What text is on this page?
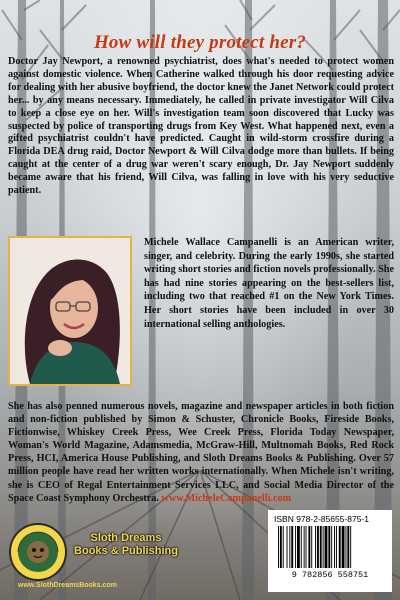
How will they protect her?
Doctor Jay Newport, a renowned psychiatrist, does what's needed to protect women against domestic violence. When Catherine walked through his door requesting advice for dealing with her abusive boyfriend, the doctor knew the Janet Network could protect her... by any means necessary. Immediately, he called in private investigator Will Cilva to keep a close eye on her. Will's investigation team soon discovered that Lucky was suspected by police of transporting drugs from Key West. What happened next, even a gifted psychiatrist couldn't have predicted. Caught in wild-storm crossfire during a Florida DEA drug raid, Doctor Newport & Will Cilva dodge more than bullets. If being caught at the center of a drug war weren't scary enough, Dr. Jay Newport suddenly became aware that his friend, Will Cilva, was falling in love with his very seductive patient.
Michele Wallace Campanelli is an American writer, singer, and celebrity. During the early 1990s, she started writing short stories and fiction novels professionally. She has had nine stories appearing on the best-sellers list, including two that reached #1 on the New York Times. Her short stories have been included in over 30 international selling anthologies.
She has also penned numerous novels, magazine and newspaper articles in both fiction and non-fiction published by Simon & Schuster, Chronicle Books, Fireside Books, Fictionwise, Whiskey Creek Press, Wee Creek Press, Florida Today Newspaper, Woman's World Magazine, Adamsmedia, McGraw-Hill, Multnomah Books, Red Rock Press, HCI, America House Publishing, and Sloth Dreams Books & Publishing. Over 57 million people have read her written works internationally. When Michele isn't writing, she is CEO of Regal Entertainment Services LLC, and Social Media Director of the Space Coast Symphony Orchestra. www.MicheleCampanelli.com
Sloth Dreams
Books & Publishing
www.SlothDreamsBooks.com
ISBN 978-2-85655-875-1
9 782856 558751
